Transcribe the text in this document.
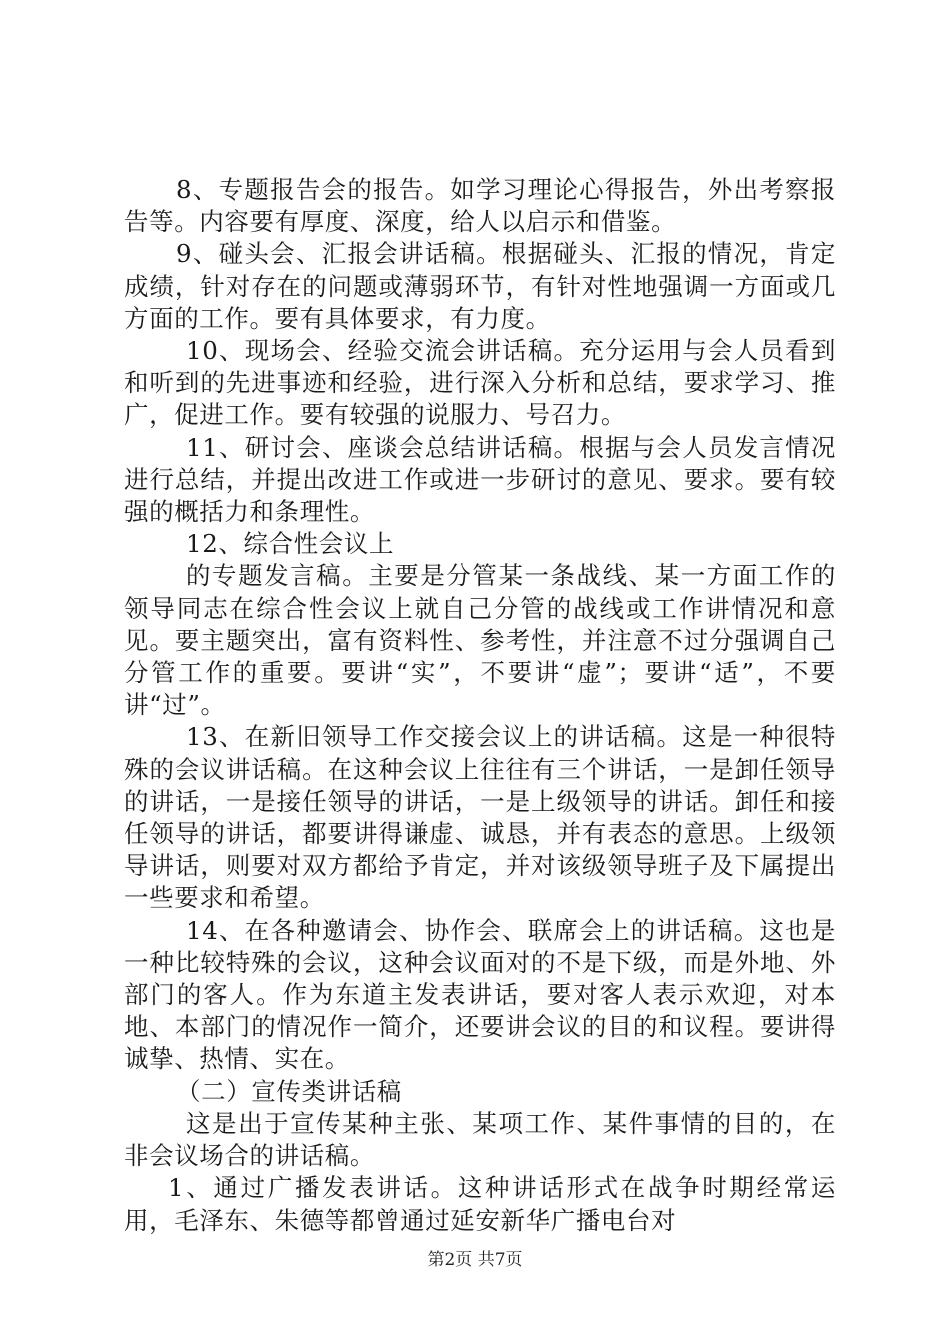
8、专题报告会的报告。如学习理论心得报告，外出考察报告等。内容要有厚度、深度，给人以启示和借鉴。

9、碰头会、汇报会讲话稿。根据碰头、汇报的情况，肯定成绩，针对存在的问题或薄弱环节，有针对性地强调一方面或几方面的工作。要有具体要求，有力度。

10、现场会、经验交流会讲话稿。充分运用与会人员看到和听到的先进事迹和经验，进行深入分析和总结，要求学习、推广，促进工作。要有较强的说服力、号召力。

11、研讨会、座谈会总结讲话稿。根据与会人员发言情况进行总结，并提出改进工作或进一步研讨的意见、要求。要有较强的概括力和条理性。

12、综合性会议上

的专题发言稿。主要是分管某一条战线、某一方面工作的领导同志在综合性会议上就自己分管的战线或工作讲情况和意见。要主题突出，富有资料性、参考性，并注意不过分强调自己分管工作的重要。要讲“实”，不要讲“虚”；要讲“适”，不要讲“过”。

13、在新旧领导工作交接会议上的讲话稿。这是一种很特殊的会议讲话稿。在这种会议上往往有三个讲话，一是卸任领导的讲话，一是接任领导的讲话，一是上级领导的讲话。卸任和接任领导的讲话，都要讲得谦虚、诚恳，并有表态的意思。上级领导讲话，则要对双方都给予肯定，并对该级领导班子及下属提出一些要求和希望。

14、在各种邀请会、协作会、联席会上的讲话稿。这也是一种比较特殊的会议，这种会议面对的不是下级，而是外地、外部门的客人。作为东道主发表讲话，要对客人表示欢迎，对本地、本部门的情况作一简介，还要讲会议的目的和议程。要讲得诚挚、热情、实在。

（二）宣传类讲话稿

这是出于宣传某种主张、某项工作、某件事情的目的，在非会议场合的讲话稿。

1、通过广播发表讲话。这种讲话形式在战争时期经常运用，毛泽东、朱德等都曾通过延安新华广播电台对

第2页 共7页
